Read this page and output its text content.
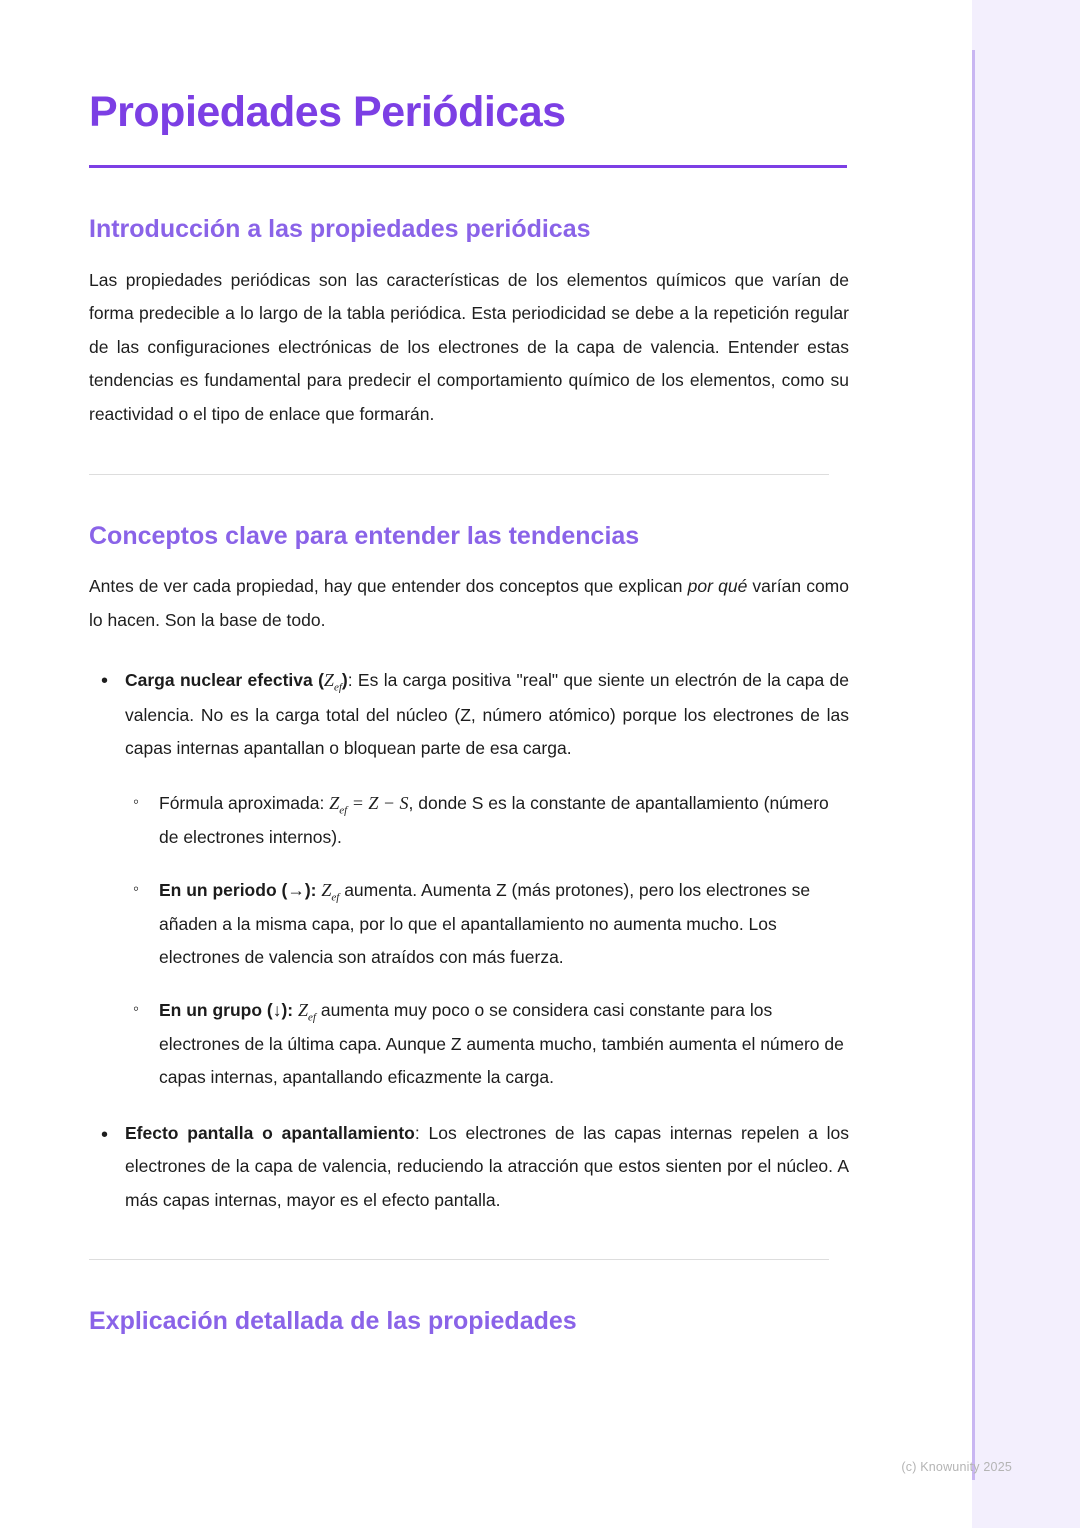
Propiedades Periódicas
Introducción a las propiedades periódicas

Las propiedades periódicas son las características de los elementos químicos que varían de forma predecible a lo largo de la tabla periódica. Esta periodicidad se debe a la repetición regular de las configuraciones electrónicas de los electrones de la capa de valencia. Entender estas tendencias es fundamental para predecir el comportamiento químico de los elementos, como su reactividad o el tipo de enlace que formarán.

Conceptos clave para entender las tendencias

Antes de ver cada propiedad, hay que entender dos conceptos que explican por qué varían como lo hacen. Son la base de todo.

• Carga nuclear efectiva $(Z_{ef})$: Es la carga positiva "real" que siente un electrón de la capa de valencia. No es la carga total del núcleo (Z, número atómico) porque los electrones de las capas internas apantallan o bloquean parte de esa carga.
◦ Fórmula aproximada: $Z_{ef} = Z - S$, donde S es la constante de apantallamiento (número de electrones internos).
◦ En un periodo (→): $Z_{ef}$ aumenta. Aumenta Z (más protones), pero los electrones se añaden a la misma capa, por lo que el apantallamiento no aumenta mucho. Los electrones de valencia son atraídos con más fuerza.
◦ En un grupo (↓): $Z_{ef}$ aumenta muy poco o se considera casi constante para los electrones de la última capa. Aunque Z aumenta mucho, también aumenta el número de capas internas, apantallando eficazmente la carga.
• Efecto pantalla o apantallamiento: Los electrones de las capas internas repelen a los electrones de la capa de valencia, reduciendo la atracción que estos sienten por el núcleo. A más capas internas, mayor es el efecto pantalla.
Explicación detallada de las propiedades
(c) Knowunity 2025
